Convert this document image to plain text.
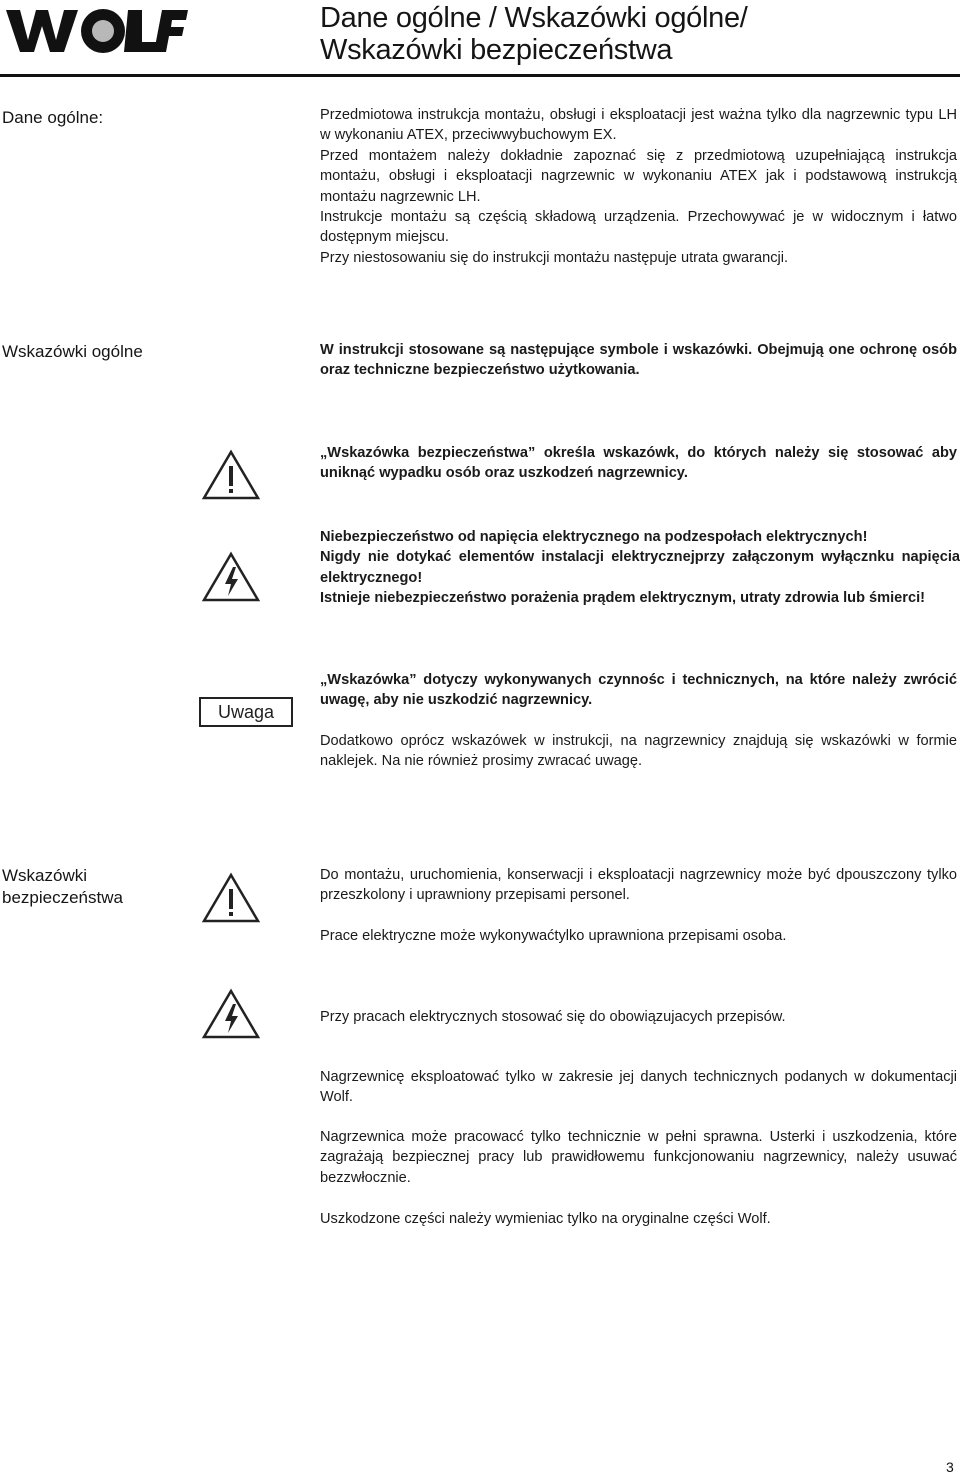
Dane ogólne / Wskazówki ogólne/
Wskazówki bezpieczeństwa
Dane ogólne:	Przedmiotowa instrukcja montażu, obsługi i eksploatacji jest ważna tylko dla nagrzewnic typu LH w wykonaniu ATEX, przeciwwybuchowym EX.

Przed montażem należy dokładnie zapoznać się z przedmiotową uzupełniającą instrukcja montażu, obsługi i eksploatacji nagrzewnic w wykonaniu ATEX jak i podstawową instrukcją montażu nagrzewnic LH.

Instrukcje montażu są częścią składową urządzenia. Przechowywać je w widocznym i łatwo dostępnym miejscu.

Przy niestosowaniu się do instrukcji montażu następuje utrata gwarancji.

Wskazówki ogólne	W instrukcji stosowane są następujące symbole i wskazówki. Obejmują one ochronę osób oraz techniczne bezpieczeństwo użytkowania.
„Wskazówka bezpieczeństwa” określa wskazówk, do których należy się stosować aby uniknąć wypadku osób oraz uszkodzeń nagrzewnicy.

Niebezpieczeństwo od napięcia elektrycznego na podzespołach elektrycznych!

Nigdy nie dotykać elementów instalacji elektrycznejprzy załączonym wyłącznku napięcia elektrycznego!

Istnieje niebezpieczeństwo porażenia prądem elektrycznym, utraty zdrowia lub śmierci!

Uwaga
„Wskazówka” dotyczy wykonywanych czynnośc i technicznych, na które należy zwrócić uwagę, aby nie uszkodzić nagrzewnicy.
Dodatkowo oprócz wskazówek w instrukcji, na nagrzewnicy znajdują się wskazówki w formie naklejek. Na nie również prosimy zwracać uwagę.
Wskazówki
bezpieczeństwa
Do montażu, uruchomienia, konserwacji i eksploatacji nagrzewnicy może być dpouszczony tylko przeszkolony i uprawniony przepisami personel.
Prace elektryczne może wykonywaćtylko uprawniona przepisami osoba.
Przy pracach elektrycznych stosować się do obowiązujacych przepisów.
Nagrzewnicę eksploatować tylko w zakresie jej danych technicznych podanych w dokumentacji Wolf.
Nagrzewnica może pracowacć tylko technicznie w pełni sprawna. Usterki i uszkodzenia, które zagrażają bezpiecznej pracy lub prawidłowemu funkcjonowaniu nagrzewnicy, należy usuwać bezzwłocznie.
Uszkodzone części należy wymieniac tylko na oryginalne części Wolf.
3
